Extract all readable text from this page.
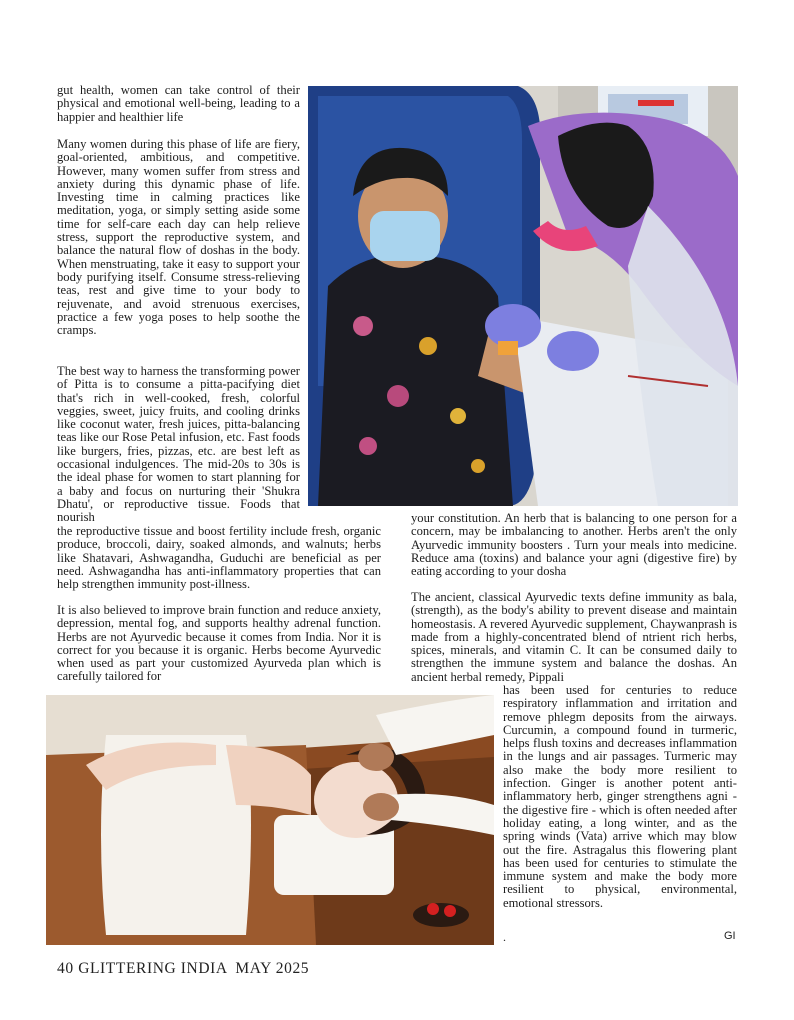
gut health, women can take control of their physical and emotional well-being, leading to a happier and healthier life

Many women during this phase of life are fiery, goal-oriented, ambitious, and competitive. However, many women suffer from stress and anxiety during this dynamic phase of life. Investing time in calming practices like meditation, yoga, or simply setting aside some time for self-care each day can help relieve stress, support the reproductive system, and balance the natural flow of doshas in the body. When menstruating, take it easy to support your body purifying itself. Consume stress-relieving teas, rest and give time to your body to rejuvenate, and avoid strenuous exercises, practice a few yoga poses to help soothe the cramps.

The best way to harness the transforming power of Pitta is to consume a pitta-pacifying diet that's rich in well-cooked, fresh, colorful veggies, sweet, juicy fruits, and cooling drinks like coconut water, fresh juices, pitta-balancing teas like our Rose Petal infusion, etc. Fast foods like burgers, fries, pizzas, etc. are best left as occasional indulgences. The mid-20s to 30s is the ideal phase for women to start planning for a baby and focus on nurturing their 'Shukra Dhatu', or reproductive tissue. Foods that nourish

the reproductive tissue and boost fertility include fresh, organic produce, broccoli, dairy, soaked almonds, and walnuts; herbs like Shatavari, Ashwagandha, Guduchi are beneficial as per need. Ashwagandha has anti-inflammatory properties that can help strengthen immunity post-illness.

It is also believed to improve brain function and reduce anxiety, depression, mental fog, and supports healthy adrenal function. Herbs are not Ayurvedic because it comes from India. Nor it is correct for you because it is organic. Herbs become Ayurvedic when used as part your customized Ayurveda plan which is carefully tailored for

your constitution. An herb that is balancing to one person for a concern, may be imbalancing to another. Herbs aren't the only Ayurvedic immunity boosters . Turn your meals into medicine. Reduce ama (toxins) and balance your agni (digestive fire) by eating according to your dosha

The ancient, classical Ayurvedic texts define immunity as bala, (strength), as the body's ability to prevent disease and maintain homeostasis. A revered Ayurvedic supplement, Chaywanprash is made from a highly-concentrated blend of ntrient rich herbs, spices, minerals, and vitamin C. It can be consumed daily to strengthen the immune system and balance the doshas. An ancient herbal remedy, Pippali

has been used for centuries to reduce respiratory inflammation and irritation and remove phlegm deposits from the airways. Curcumin, a compound found in turmeric, helps flush toxins and decreases inflammation in the lungs and air passages. Turmeric may also make the body more resilient to infection. Ginger is another potent anti-inflammatory herb, ginger strengthens agni - the digestive fire - which is often needed after holiday eating, a long winter, and as the spring winds (Vata) arrive which may blow out the fire. Astragalus this flowering plant has been used for centuries to stimulate the immune system and make the body more resilient to physical, environmental, emotional stressors.

.	GI
40 GLITTERING INDIA MAY 2025
